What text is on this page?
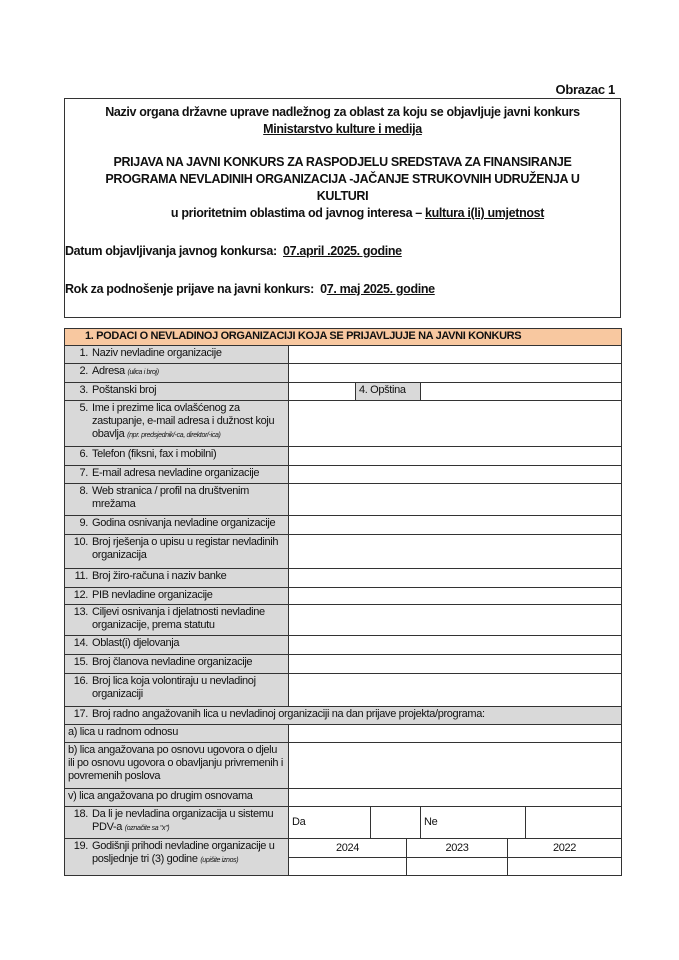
Obrazac 1
Naziv organa državne uprave nadležnog za oblast za koju se objavljuje javni konkurs
Ministarstvo kulture i medija
PRIJAVA NA JAVNI KONKURS ZA RASPODJELU SREDSTAVA ZA FINANSIRANJE
PROGRAMA NEVLADINIH ORGANIZACIJA -JAČANJE STRUKOVNIH UDRUŽENJA U
KULTURI
u prioritetnim oblastima od javnog interesa – kultura i(li) umjetnost
Datum objavljivanja javnog konkursa:  07.april .2025. godine
Rok za podnošenje prijave na javni konkurs:  07. maj 2025. godine
1. PODACI O NEVLADINOJ ORGANIZACIJI KOJA SE PRIJAVLJUJE NA JAVNI KONKURS
1. Naziv nevladine organizacije
2. Adresa (ulica i broj)
3. Poštanski broj	4. Opština
5. Ime i prezime lica ovlašćenog za zastupanje, e-mail adresa i dužnost koju obavlja (npr. predsjednik/-ca, direktor/-ica)
6. Telefon (fiksni, fax i mobilni)
7. E-mail adresa nevladine organizacije
8. Web stranica / profil na društvenim mrežama
9. Godina osnivanja nevladine organizacije
10. Broj rješenja o upisu u registar nevladinih organizacija
11. Broj žiro-računa i naziv banke
12. PIB nevladine organizacije
13. Ciljevi osnivanja i djelatnosti nevladine organizacije, prema statutu
14. Oblast(i) djelovanja
15. Broj članova nevladine organizacije
16. Broj lica koja volontiraju u nevladinoj organizaciji
17. Broj radno angažovanih lica u nevladinoj organizaciji na dan prijave projekta/programa:
a) lica u radnom odnosu
b) lica angažovana po osnovu ugovora o djelu ili po osnovu ugovora o obavljanju privremenih i povremenih poslova
v) lica angažovana po drugim osnovama
18. Da li je nevladina organizacija u sistemu PDV-a (označite sa "x")
Da	Ne
19. Godišnji prihodi nevladine organizacije u posljednje tri (3) godine (upišite iznos)
2024	2023	2022
